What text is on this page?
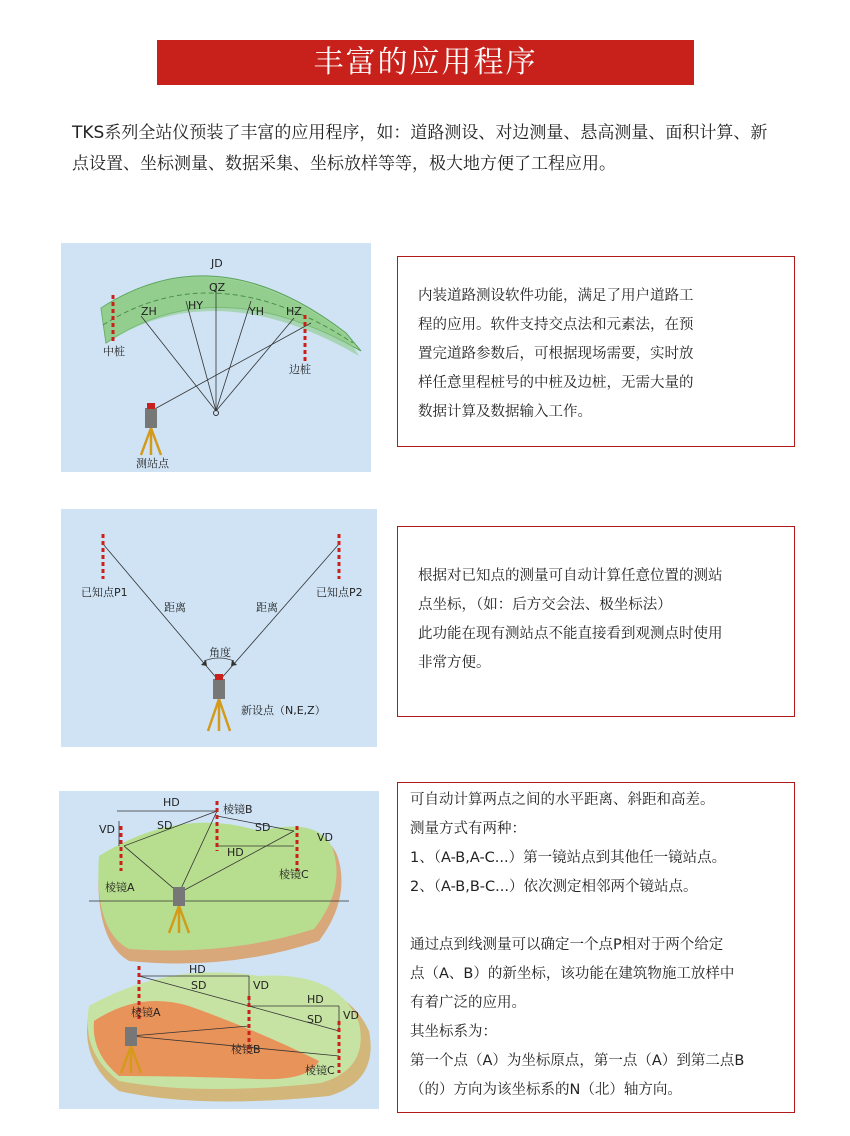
丰富的应用程序
TKS系列全站仪预装了丰富的应用程序，如：道路测设、对边测量、悬高测量、面积计算、新点设置、坐标测量、数据采集、坐标放样等等，极大地方便了工程应用。
JD
QZ
ZH	HY	YH HZ
中桩
边桩
测站点

内装道路测设软件功能，满足了用户道路工

程的应用。软件支持交点法和元素法，在预

置完道路参数后，可根据现场需要，实时放

样任意里程桩号的中桩及边桩，无需大量的

数据计算及数据输入工作。

已知点P1	已知点P2
距离	距离
角度
新设点（N,E,Z）

根据对已知点的测量可自动计算任意位置的测站

点坐标，（如：后方交会法、极坐标法）

此功能在现有测站点不能直接看到观测点时使用

非常方便。

HD
棱镜B
VD	SD	SD
VD
HD
棱镜A
棱镜C
HD
SD	VD
HD
SD VD
棱镜A
棱镜B
棱镜C

可自动计算两点之间的水平距离、斜距和高差。

测量方式有两种：

1、（A-B,A-C...）第一镜站点到其他任一镜站点。

2、（A-B,B-C...）依次测定相邻两个镜站点。

通过点到线测量可以确定一个点P相对于两个给定

点（A、B）的新坐标，该功能在建筑物施工放样中

有着广泛的应用。

其坐标系为：

第一个点（A）为坐标原点，第一点（A）到第二点B

（的）方向为该坐标系的N（北）轴方向。
